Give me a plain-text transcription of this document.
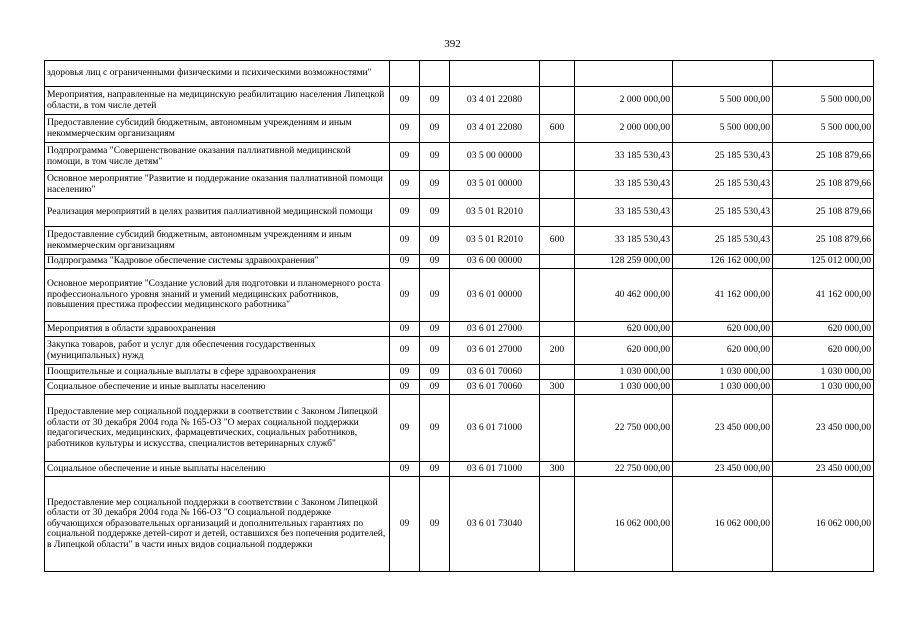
392
здоровья лиц с ограниченными физическими и психическими возможностями"							
Мероприятия, направленные на медицинскую реабилитацию населения Липецкой области, в том числе детей	09	09	03 4 01 22080		2 000 000,00	5 500 000,00	5 500 000,00
Предоставление субсидий бюджетным, автономным учреждениям и иным некоммерческим организациям	09	09	03 4 01 22080	600	2 000 000,00	5 500 000,00	5 500 000,00
Подпрограмма "Совершенствование оказания паллиативной медицинской помощи, в том числе детям"	09	09	03 5 00 00000		33 185 530,43	25 185 530,43	25 108 879,66
Основное мероприятие "Развитие и поддержание оказания паллиативной помощи населению"	09	09	03 5 01 00000		33 185 530,43	25 185 530,43	25 108 879,66
Реализация мероприятий в целях развития паллиативной медицинской помощи	09	09	03 5 01 R2010		33 185 530,43	25 185 530,43	25 108 879,66
Предоставление субсидий бюджетным, автономным учреждениям и иным некоммерческим организациям	09	09	03 5 01 R2010	600	33 185 530,43	25 185 530,43	25 108 879,66
Подпрограмма "Кадровое обеспечение системы здравоохранения"	09	09	03 6 00 00000		128 259 000,00	126 162 000,00	125 012 000,00
Основное мероприятие "Создание условий для подготовки и планомерного роста профессионального уровня знаний и умений медицинских работников, повышения престижа профессии медицинского работника"	09	09	03 6 01 00000		40 462 000,00	41 162 000,00	41 162 000,00
Мероприятия в области здравоохранения	09	09	03 6 01 27000		620 000,00	620 000,00	620 000,00
Закупка товаров, работ и услуг для обеспечения государственных (муниципальных) нужд	09	09	03 6 01 27000	200	620 000,00	620 000,00	620 000,00
Поощрительные и социальные выплаты в сфере здравоохранения	09	09	03 6 01 70060		1 030 000,00	1 030 000,00	1 030 000,00
Социальное обеспечение и иные выплаты населению	09	09	03 6 01 70060	300	1 030 000,00	1 030 000,00	1 030 000,00
Предоставление мер социальной поддержки в соответствии с Законом Липецкой области от 30 декабря 2004 года № 165-ОЗ "О мерах социальной поддержки педагогических, медицинских, фармацевтических, социальных работников, работников культуры и искусства, специалистов ветеринарных служб"	09	09	03 6 01 71000		22 750 000,00	23 450 000,00	23 450 000,00
Социальное обеспечение и иные выплаты населению	09	09	03 6 01 71000	300	22 750 000,00	23 450 000,00	23 450 000,00
Предоставление мер социальной поддержки в соответствии с Законом Липецкой области от 30 декабря 2004 года № 166-ОЗ "О социальной поддержке обучающихся образовательных организаций и дополнительных гарантиях по социальной поддержке детей-сирот и детей, оставшихся без попечения родителей, в Липецкой области" в части иных видов социальной поддержки	09	09	03 6 01 73040		16 062 000,00	16 062 000,00	16 062 000,00
